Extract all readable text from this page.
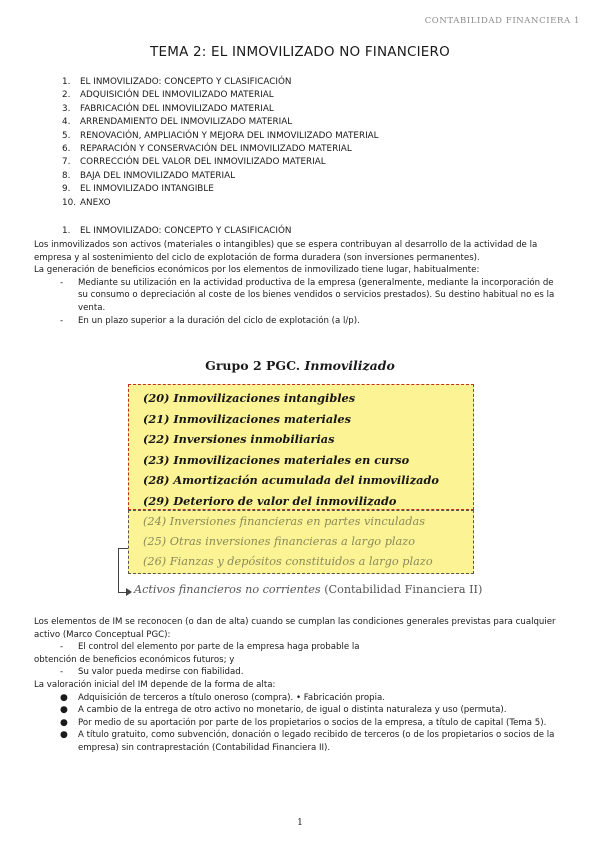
CONTABILIDAD FINANCIERA 1
TEMA 2: EL INMOVILIZADO NO FINANCIERO
1.	EL INMOVILIZADO: CONCEPTO Y CLASIFICACIÓN
2.	ADQUISICIÓN DEL INMOVILIZADO MATERIAL
3.	FABRICACIÓN DEL INMOVILIZADO MATERIAL
4.	ARRENDAMIENTO DEL INMOVILIZADO MATERIAL
5.	RENOVACIÓN, AMPLIACIÓN Y MEJORA DEL INMOVILIZADO MATERIAL
6.	REPARACIÓN Y CONSERVACIÓN DEL INMOVILIZADO MATERIAL
7.	CORRECCIÓN DEL VALOR DEL INMOVILIZADO MATERIAL
8.	BAJA DEL INMOVILIZADO MATERIAL
9.	EL INMOVILIZADO INTANGIBLE
10. ANEXO
1.	EL INMOVILIZADO: CONCEPTO Y CLASIFICACIÓN
Los inmovilizados son activos (materiales o intangibles) que se espera contribuyan al desarrollo de la actividad de la empresa y al sostenimiento del ciclo de explotación de forma duradera (son inversiones permanentes).
La generación de beneficios económicos por los elementos de inmovilizado tiene lugar, habitualmente:
- Mediante su utilización en la actividad productiva de la empresa (generalmente, mediante la incorporación de su consumo o depreciación al coste de los bienes vendidos o servicios prestados). Su destino habitual no es la venta.
- En un plazo superior a la duración del ciclo de explotación (a l/p).
Grupo 2 PGC. Inmovilizado
(20) Inmovilizaciones intangibles
(21) Inmovilizaciones materiales
(22) Inversiones inmobiliarias
(23) Inmovilizaciones materiales en curso
(28) Amortización acumulada del inmovilizado
(29) Deterioro de valor del inmovilizado
(24) Inversiones financieras en partes vinculadas
(25) Otras inversiones financieras a largo plazo
(26) Fianzas y depósitos constituidos a largo plazo
Activos financieros no corrientes (Contabilidad Financiera II)
Los elementos de IM se reconocen (o dan de alta) cuando se cumplan las condiciones generales previstas para cualquier activo (Marco Conceptual PGC):
- El control del elemento por parte de la empresa haga probable la
obtención de beneficios económicos futuros; y
- Su valor pueda medirse con fiabilidad.
La valoración inicial del IM depende de la forma de alta:
● Adquisición de terceros a título oneroso (compra). • Fabricación propia.
● A cambio de la entrega de otro activo no monetario, de igual o distinta naturaleza y uso (permuta).
● Por medio de su aportación por parte de los propietarios o socios de la empresa, a título de capital (Tema 5).
● A título gratuito, como subvención, donación o legado recibido de terceros (o de los propietarios o socios de la empresa) sin contraprestación (Contabilidad Financiera II).
1
